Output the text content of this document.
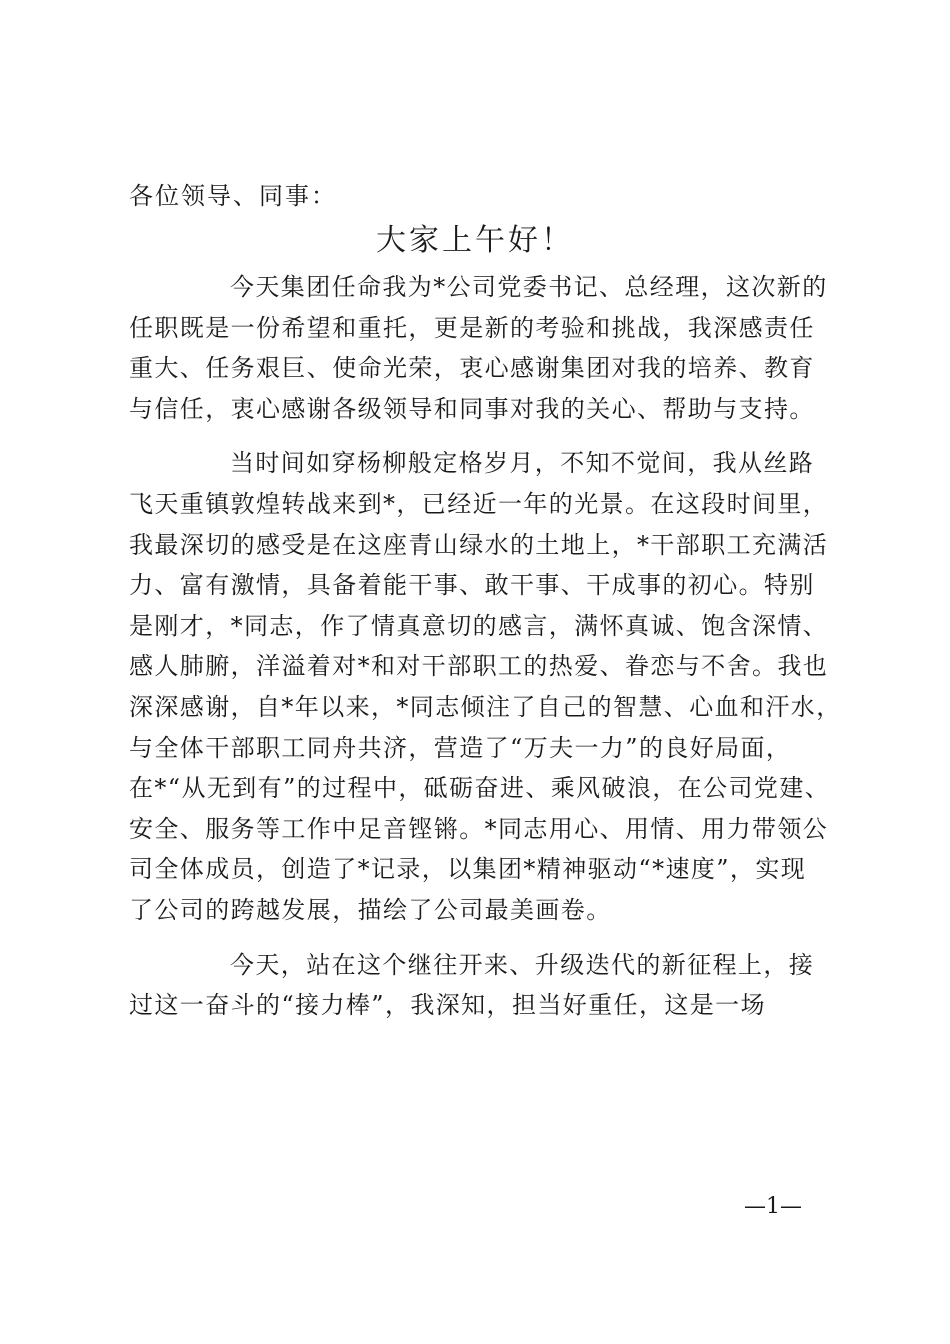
各位领导、同事：
大家上午好！
今天集团任命我为*公司党委书记、总经理，这次新的
任职既是一份希望和重托，更是新的考验和挑战，我深感责任
重大、任务艰巨、使命光荣，衷心感谢集团对我的培养、教育
与信任，衷心感谢各级领导和同事对我的关心、帮助与支持。
当时间如穿杨柳般定格岁月，不知不觉间，我从丝路
飞天重镇敦煌转战来到*，已经近一年的光景。在这段时间里，
我最深切的感受是在这座青山绿水的土地上，*干部职工充满活
力、富有激情，具备着能干事、敢干事、干成事的初心。特别
是刚才，*同志，作了情真意切的感言，满怀真诚、饱含深情、
感人肺腑，洋溢着对*和对干部职工的热爱、眷恋与不舍。我也
深深感谢，自*年以来，*同志倾注了自己的智慧、心血和汗水，
与全体干部职工同舟共济，营造了“万夫一力”的良好局面，
在*“从无到有”的过程中，砥砺奋进、乘风破浪，在公司党建、
安全、服务等工作中足音铿锵。*同志用心、用情、用力带领公
司全体成员，创造了*记录，以集团*精神驱动“*速度”，实现
了公司的跨越发展，描绘了公司最美画卷。
今天，站在这个继往开来、升级迭代的新征程上，接
过这一奋斗的“接力棒”，我深知，担当好重任，这是一场
—1—
